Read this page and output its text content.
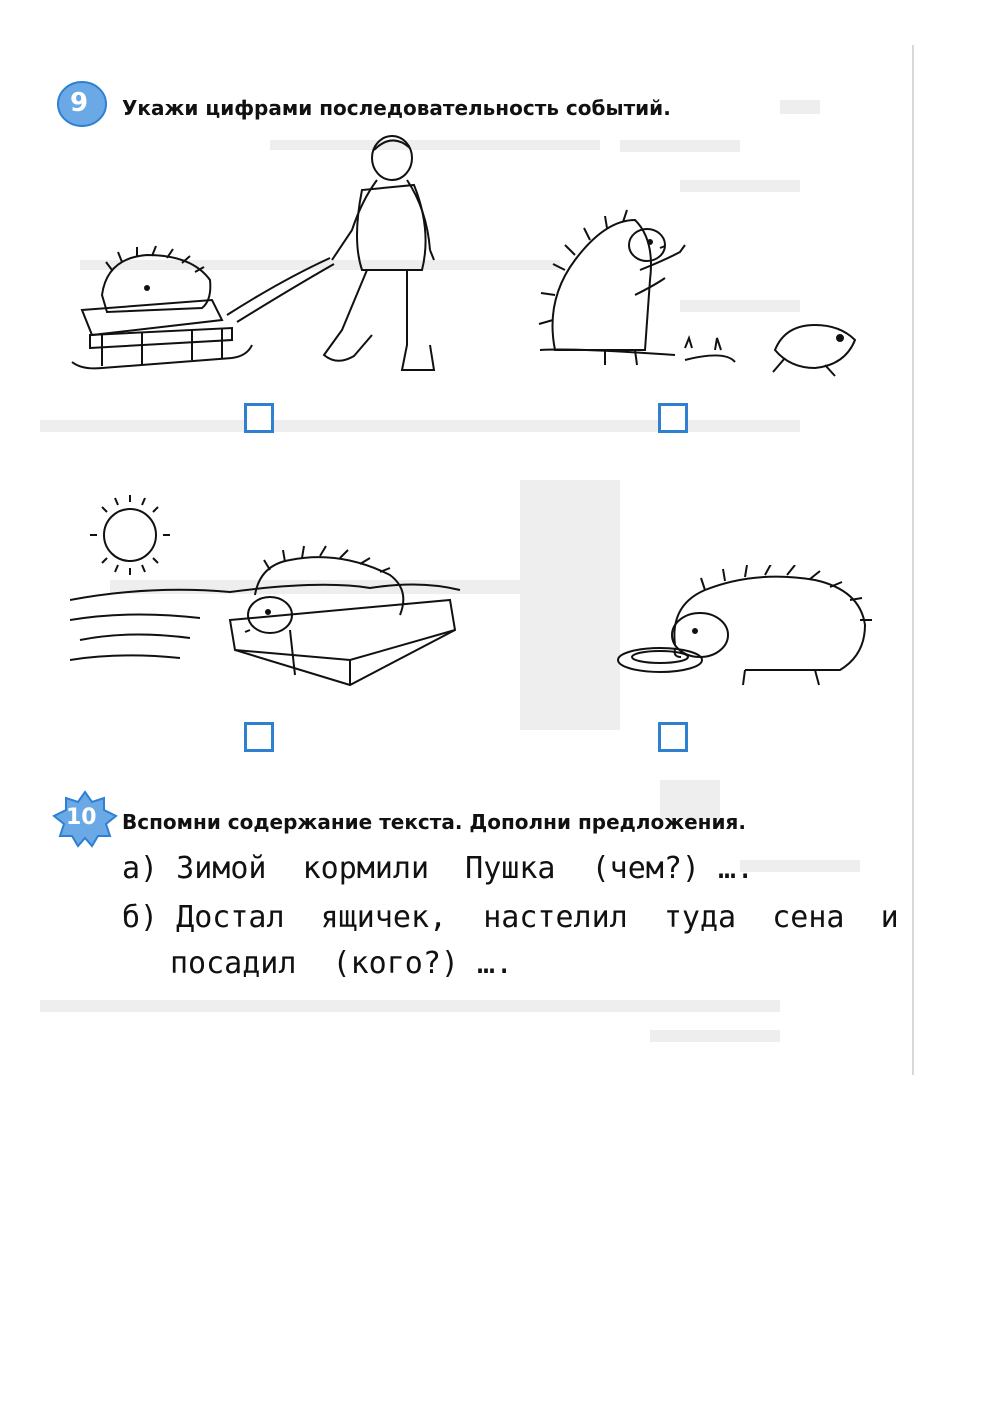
9 Укажи цифрами последовательность событий.
10 Вспомни содержание текста. Дополни предложения.
а) Зимой  кормили  Пушка  (чем?) ….
б) Достал  ящичек,  настелил  туда  сена  и
посадил  (кого?) ….
